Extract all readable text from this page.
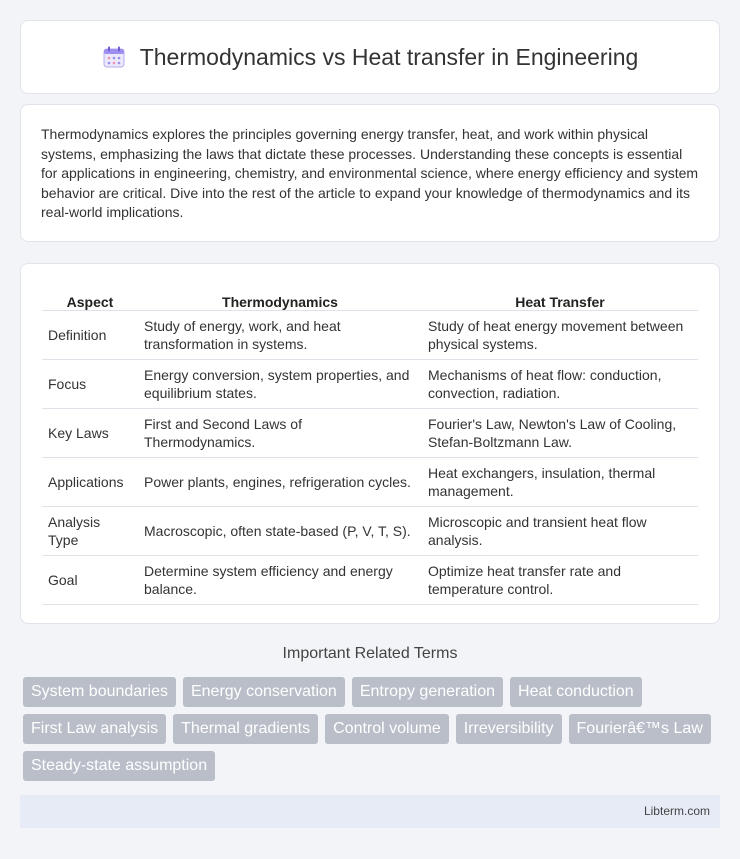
Thermodynamics vs Heat transfer in Engineering

Thermodynamics explores the principles governing energy transfer, heat, and work within physical systems, emphasizing the laws that dictate these processes. Understanding these concepts is essential for applications in engineering, chemistry, and environmental science, where energy efficiency and system behavior are critical. Dive into the rest of the article to expand your knowledge of thermodynamics and its real-world implications.

Aspect	Thermodynamics	Heat Transfer
Definition	Study of energy, work, and heat transformation in systems.	Study of heat energy movement between physical systems.
Focus	Energy conversion, system properties, and equilibrium states.	Mechanisms of heat flow: conduction, convection, radiation.
Key Laws	First and Second Laws of Thermodynamics.	Fourier's Law, Newton's Law of Cooling, Stefan-Boltzmann Law.
Applications	Power plants, engines, refrigeration cycles.	Heat exchangers, insulation, thermal management.
Analysis Type	Macroscopic, often state-based (P, V, T, S).	Microscopic and transient heat flow analysis.
Goal	Determine system efficiency and energy balance.	Optimize heat transfer rate and temperature control.
Important Related Terms
System boundaries	Energy conservation	Entropy generation	Heat conduction
First Law analysis	Thermal gradients	Control volume	Irreversibility	Fourierâ€™s Law
Steady-state assumption
Libterm.com
